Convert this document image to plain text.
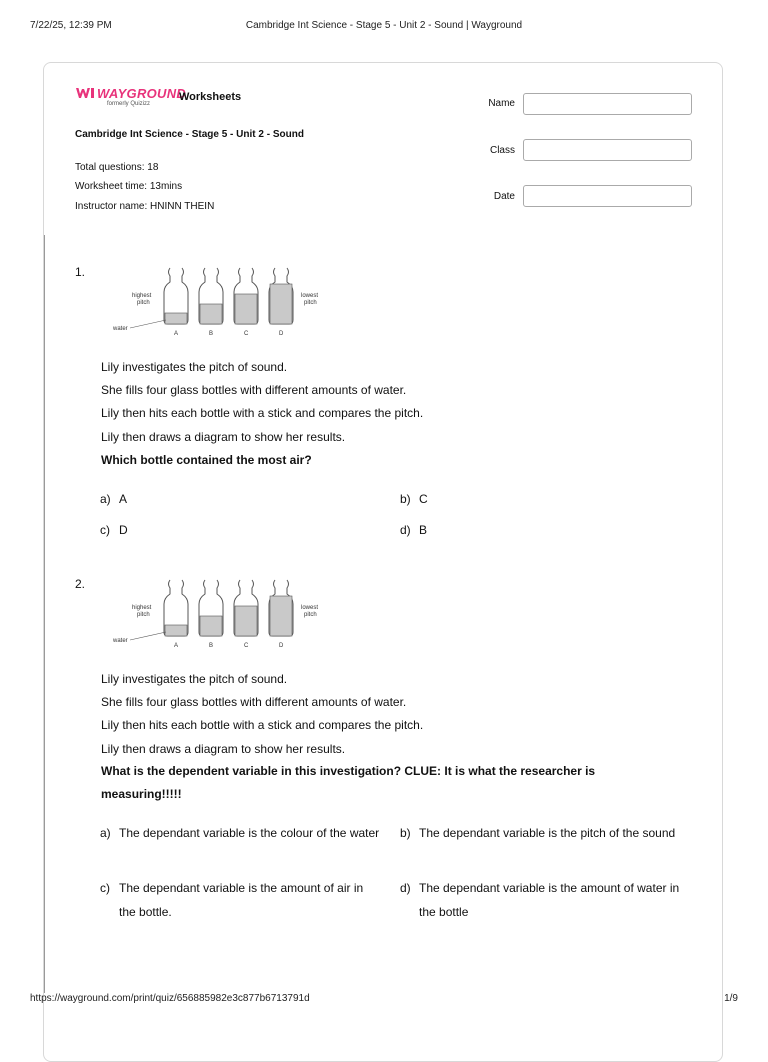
7/22/25, 12:39 PM	Cambridge Int Science - Stage 5 - Unit 2 - Sound | Wayground
WAYGROUND
formerly Quizizz
Worksheets
Cambridge Int Science - Stage 5 - Unit 2 - Sound
Total questions: 18
Worksheet time: 13mins
Instructor name: HNINN THEIN
Name
Class
Date
1.
highest
pitch
lowest
pitch
water
A	B	C	D
Lily investigates the pitch of sound.
She fills four glass bottles with different amounts of water.
Lily then hits each bottle with a stick and compares the pitch.
Lily then draws a diagram to show her results.
Which bottle contained the most air?
a) A	b) C
c) D	d) B
2.
highest
pitch
lowest
pitch
water
A	B	C	D
Lily investigates the pitch of sound.
She fills four glass bottles with different amounts of water.
Lily then hits each bottle with a stick and compares the pitch.
Lily then draws a diagram to show her results.
What is the dependent variable in this investigation? CLUE: It is what the researcher is measuring!!!!!
a) The dependant variable is the colour of the water b) The dependant variable is the pitch of the sound
c) The dependant variable is the amount of air in the bottle.
d) The dependant variable is the amount of water in the bottle
https://wayground.com/print/quiz/656885982e3c877b6713791d	1/9
